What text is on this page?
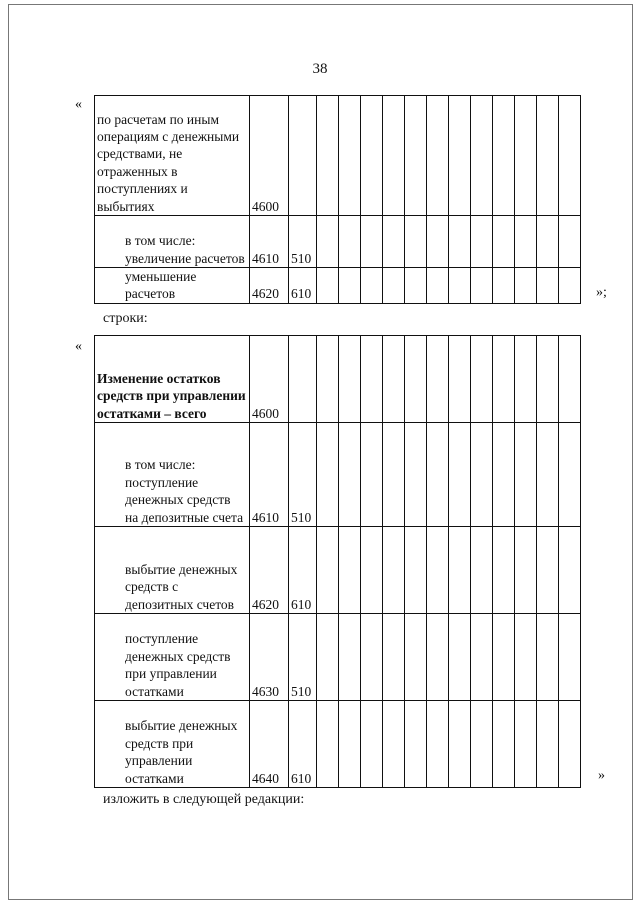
38
«
по расчетам по иным операциям с денежными средствами, не отраженных в поступлениях и выбытиях	4600													
в том числе: увеличение расчетов	4610	510												
уменьшение расчетов	4620	610													»;
строки:
«
Изменение остатков средств при управлении остатками – всего	4600													
в том числе: поступление денежных средств на депозитные счета	4610	510												
выбытие денежных средств с депозитных счетов	4620	610												
поступление денежных средств при управлении остатками	4630	510												
выбытие денежных средств при управлении остатками	4640	610													»
изложить в следующей редакции:
